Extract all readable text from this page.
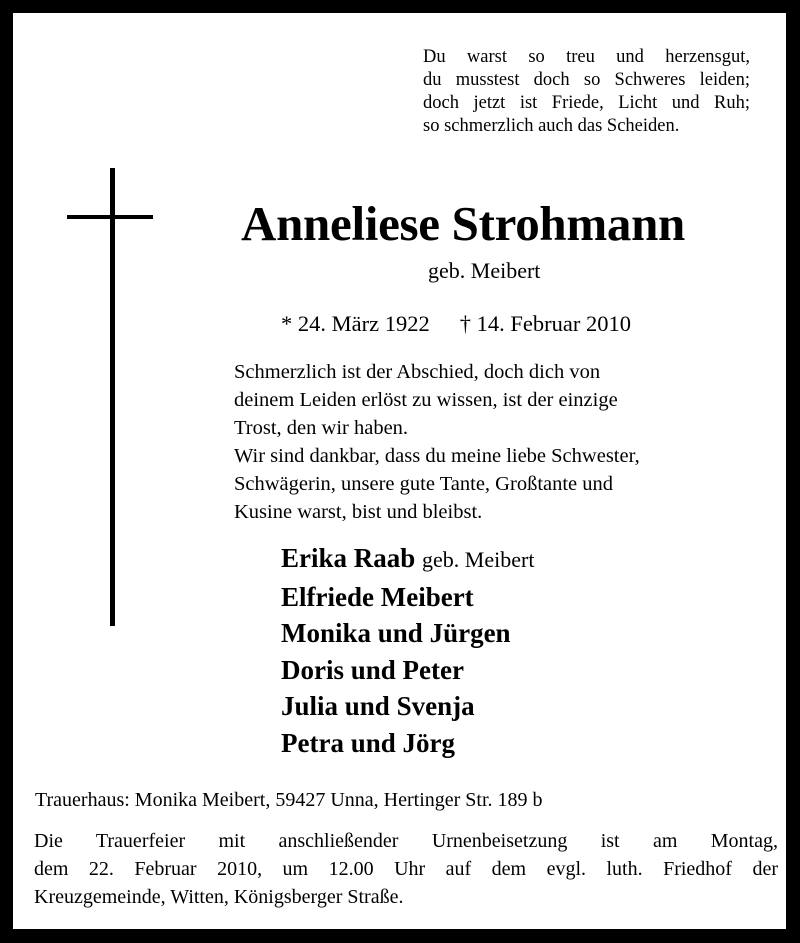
Du warst so treu und herzensgut,
du musstest doch so Schweres leiden;
doch jetzt ist Friede, Licht und Ruh;
so schmerzlich auch das Scheiden.
Anneliese Strohmann
geb. Meibert
* 24. März 1922 † 14. Februar 2010
Schmerzlich ist der Abschied, doch dich von
deinem Leiden erlöst zu wissen, ist der einzige
Trost, den wir haben.
Wir sind dankbar, dass du meine liebe Schwester,
Schwägerin, unsere gute Tante, Großtante und
Kusine warst, bist und bleibst.
Erika Raab geb. Meibert
Elfriede Meibert
Monika und Jürgen
Doris und Peter
Julia und Svenja
Petra und Jörg
Trauerhaus: Monika Meibert, 59427 Unna, Hertinger Str. 189 b
Die Trauerfeier mit anschließender Urnenbeisetzung ist am Montag,
dem 22. Februar 2010, um 12.00 Uhr auf dem evgl. luth. Friedhof der
Kreuzgemeinde, Witten, Königsberger Straße.
